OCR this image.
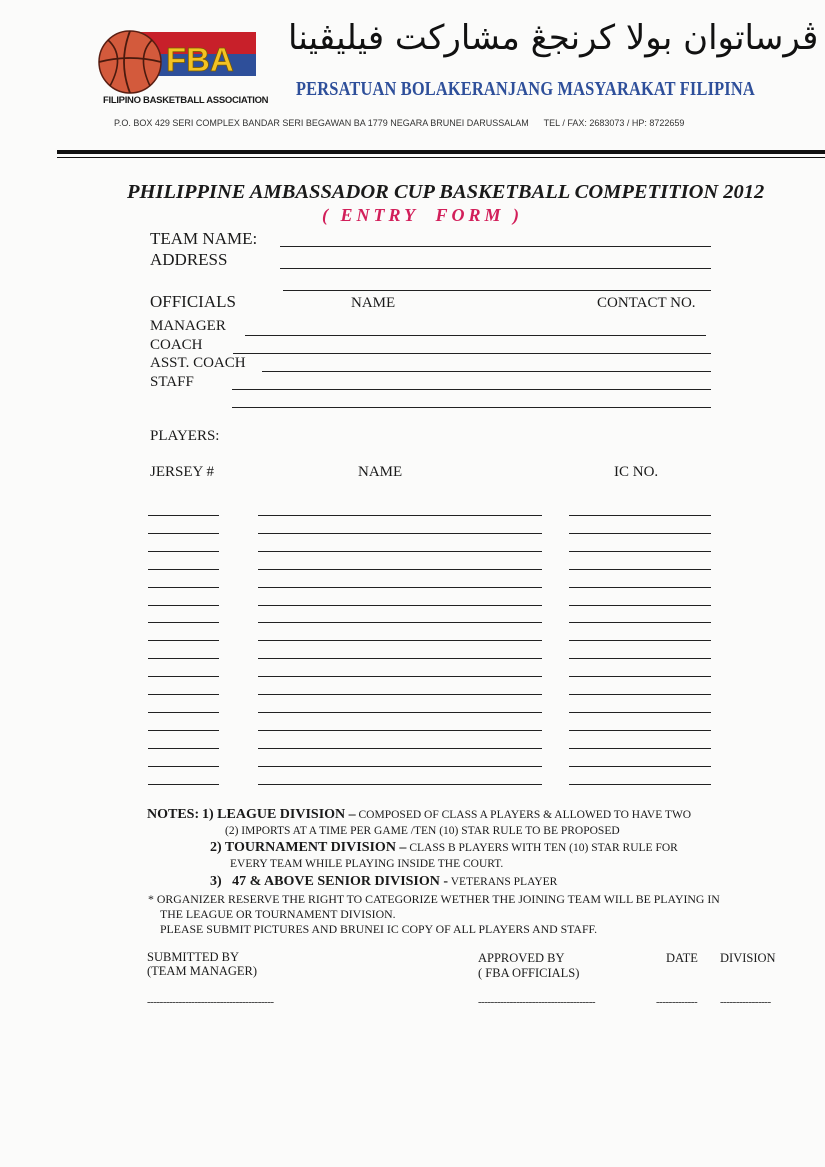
FBA
FILIPINO BASKETBALL ASSOCIATION
ڤرساتوان بولا کرنجڠ مشارکت فيليڤينا
PERSATUAN BOLAKERANJANG MASYARAKAT FILIPINA
P.O. BOX 429 SERI COMPLEX BANDAR SERI BEGAWAN BA 1779 NEGARA BRUNEI DARUSSALAM      TEL / FAX: 2683073 / HP: 8722659
PHILIPPINE AMBASSADOR CUP BASKETBALL COMPETITION 2012
( ENTRY  FORM )
TEAM NAME:
ADDRESS
OFFICIALS	NAME	CONTACT NO.
MANAGER
COACH
ASST. COACH
STAFF
PLAYERS:
JERSEY #	NAME	IC NO.
NOTES: 1) LEAGUE DIVISION – COMPOSED OF CLASS A PLAYERS & ALLOWED TO HAVE TWO
(2) IMPORTS AT A TIME PER GAME /TEN (10) STAR RULE TO BE PROPOSED
2) TOURNAMENT DIVISION – CLASS B PLAYERS WITH TEN (10) STAR RULE FOR
EVERY TEAM WHILE PLAYING INSIDE THE COURT.
3)   47 & ABOVE SENIOR DIVISION - VETERANS PLAYER
* ORGANIZER RESERVE THE RIGHT TO CATEGORIZE WETHER THE JOINING TEAM WILL BE PLAYING IN
THE LEAGUE OR TOURNAMENT DIVISION.
PLEASE SUBMIT PICTURES AND BRUNEI IC COPY OF ALL PLAYERS AND STAFF.
SUBMITTED BY
(TEAM MANAGER)
APPROVED BY
( FBA OFFICIALS)
DATE DIVISION
----------------------------------------	-------------------------------------	------------- ----------------
